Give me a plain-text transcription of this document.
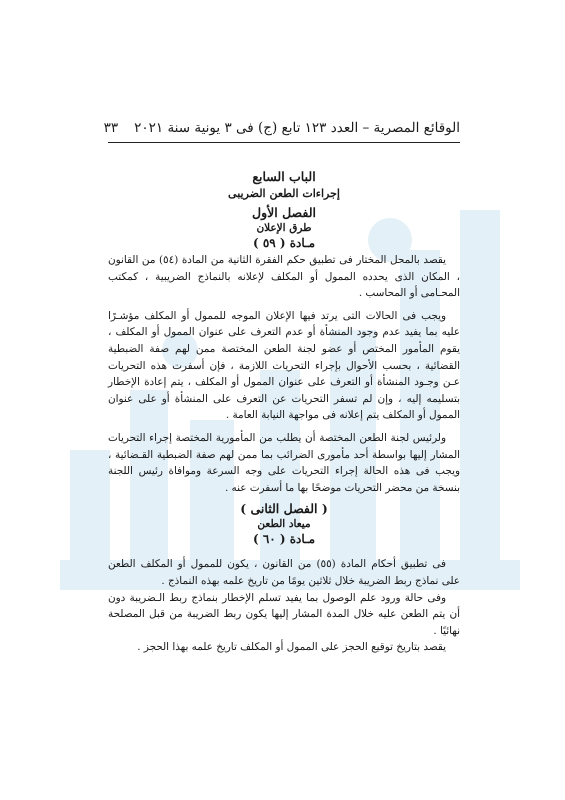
الوقائع المصرية – العدد ١٢٣ تابع (ج) فى ٣ يونية سنة ٢٠٢١
٣٣
الباب السابع
إجراءات الطعن الضريبى
الفصل الأول
طرق الإعلان
مـادة ( ٥٩ )

يقصد بالمحل المختار فى تطبيق حكم الفقرة الثانية من المادة (٥٤) من القانون ، المكان الذى يحدده الممول أو المكلف لإعلانه بالنماذج الضريبية ، كمكتب المحـامى أو المحاسب .

ويجب فى الحالات التى يرتد فيها الإعلان الموجه للممول أو المكلف مؤشـرًا عليه بما يفيد عدم وجود المنشأة أو عدم التعرف على عنوان الممول أو المكلف ، يقوم المأمور المختص أو عضو لجنة الطعن المختصة ممن لهم صفة الضبطية القضائية ، بحسب الأحوال بإجراء التحريات اللازمة ، فإن أسفرت هذه التحريات عـن وجـود المنشأة أو التعرف على عنوان الممول أو المكلف ، يتم إعادة الإخطار بتسليمه إليه ، وإن لم تسفر التحريات عن التعرف على المنشأة أو على عنوان الممول أو المكلف يتم إعلانه فى مواجهة النيابة العامة .

ولرئيس لجنة الطعن المختصة أن يطلب من المأمورية المختصة إجراء التحريات المشار إليها بواسطة أحد مأمورى الضرائب بما ممن لهم صفة الضبطية القـضائية ، ويجب فى هذه الحالة إجراء التحريات على وجه السرعة وموافاة رئيس اللجنة بنسخة من محضر التحريات موضحًا بها ما أسفرت عنه .

( الفصل الثانى )
ميعاد الطعن
مـادة ( ٦٠ )

فى تطبيق أحكام المادة (٥٥) من القانون ، يكون للممول أو المكلف الطعن على نماذج ربط الضريبة خلال ثلاثين يومًا من تاريخ علمه بهذه النماذج .

وفى حالة ورود علم الوصول بما يفيد تسلم الإخطار بنماذج ربط الـضريبة دون أن يتم الطعن عليه خلال المدة المشار إليها يكون ربط الضريبة من قبل المصلحة نهائيًا .

يقصد بتاريخ توقيع الحجز على الممول أو المكلف تاريخ علمه بهذا الحجز .
